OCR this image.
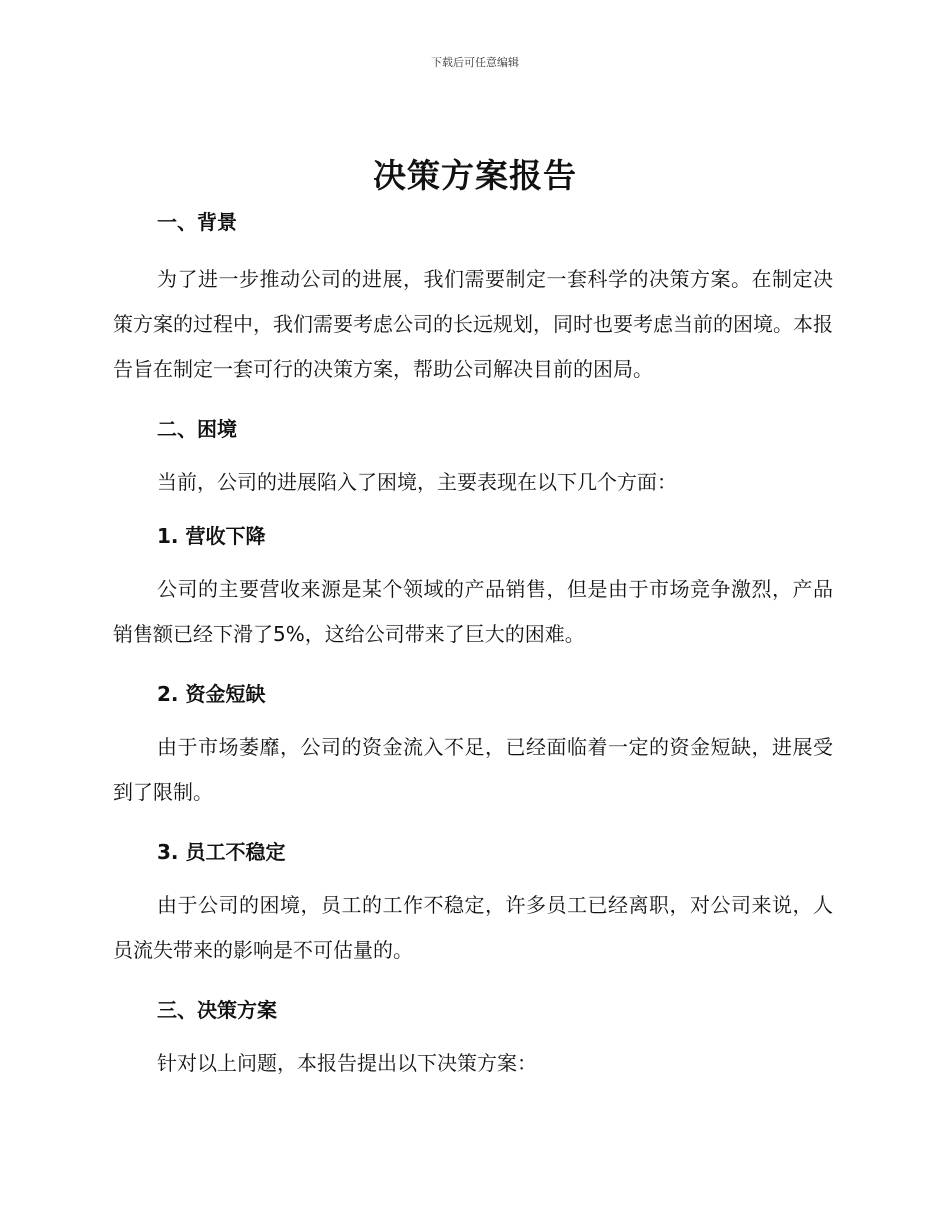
下载后可任意编辑
决策方案报告

一、背景

为了进一步推动公司的进展，我们需要制定一套科学的决策方案。在制定决策方案的过程中，我们需要考虑公司的长远规划，同时也要考虑当前的困境。本报告旨在制定一套可行的决策方案，帮助公司解决目前的困局。

二、困境

当前，公司的进展陷入了困境，主要表现在以下几个方面：

1. 营收下降

公司的主要营收来源是某个领域的产品销售，但是由于市场竞争激烈，产品销售额已经下滑了5%，这给公司带来了巨大的困难。

2. 资金短缺

由于市场萎靡，公司的资金流入不足，已经面临着一定的资金短缺，进展受到了限制。

3. 员工不稳定

由于公司的困境，员工的工作不稳定，许多员工已经离职，对公司来说，人员流失带来的影响是不可估量的。

三、决策方案

针对以上问题，本报告提出以下决策方案：
